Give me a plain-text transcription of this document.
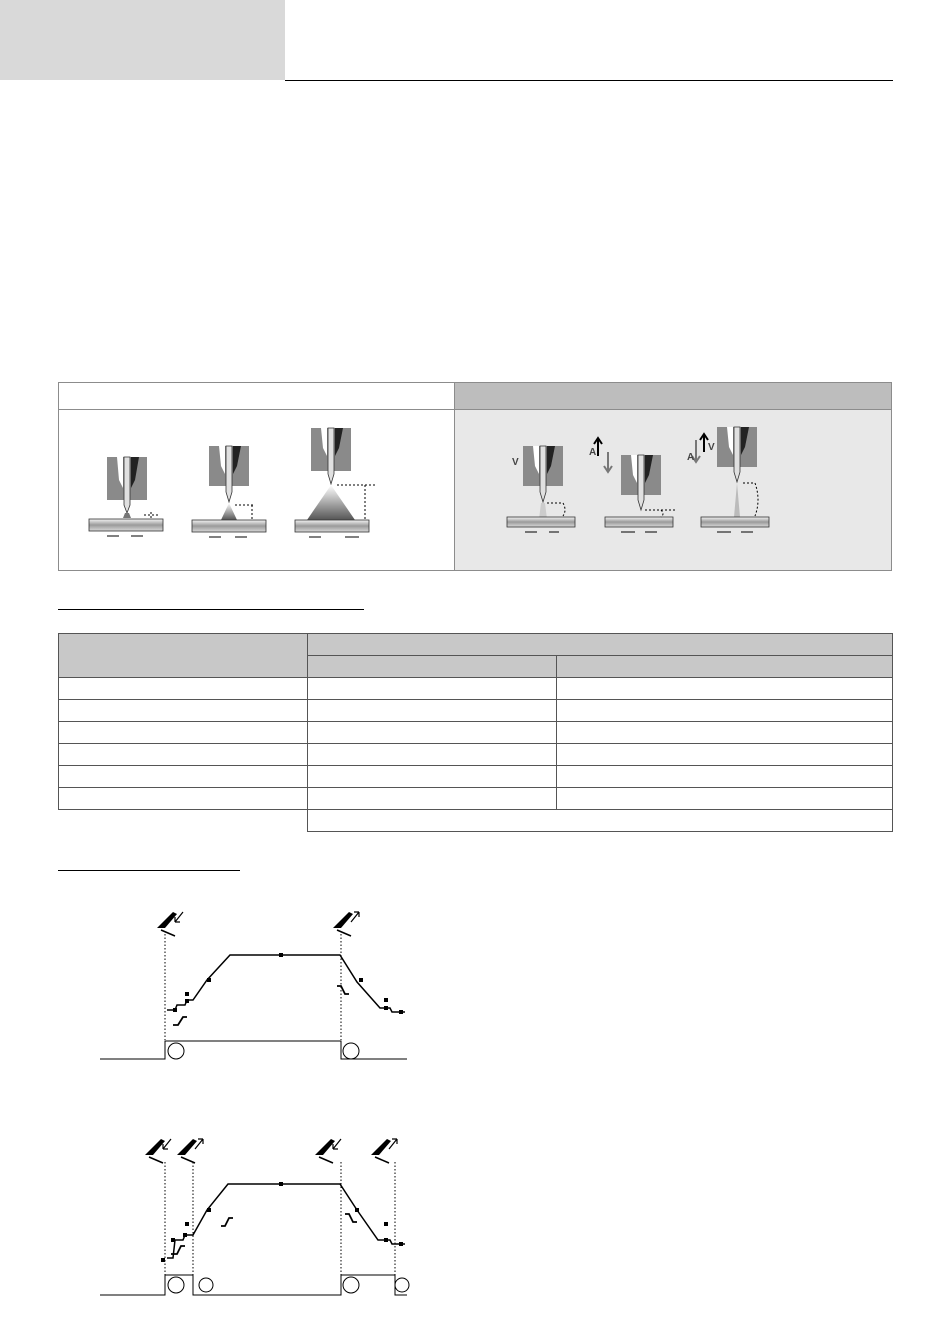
V
A	A
V
